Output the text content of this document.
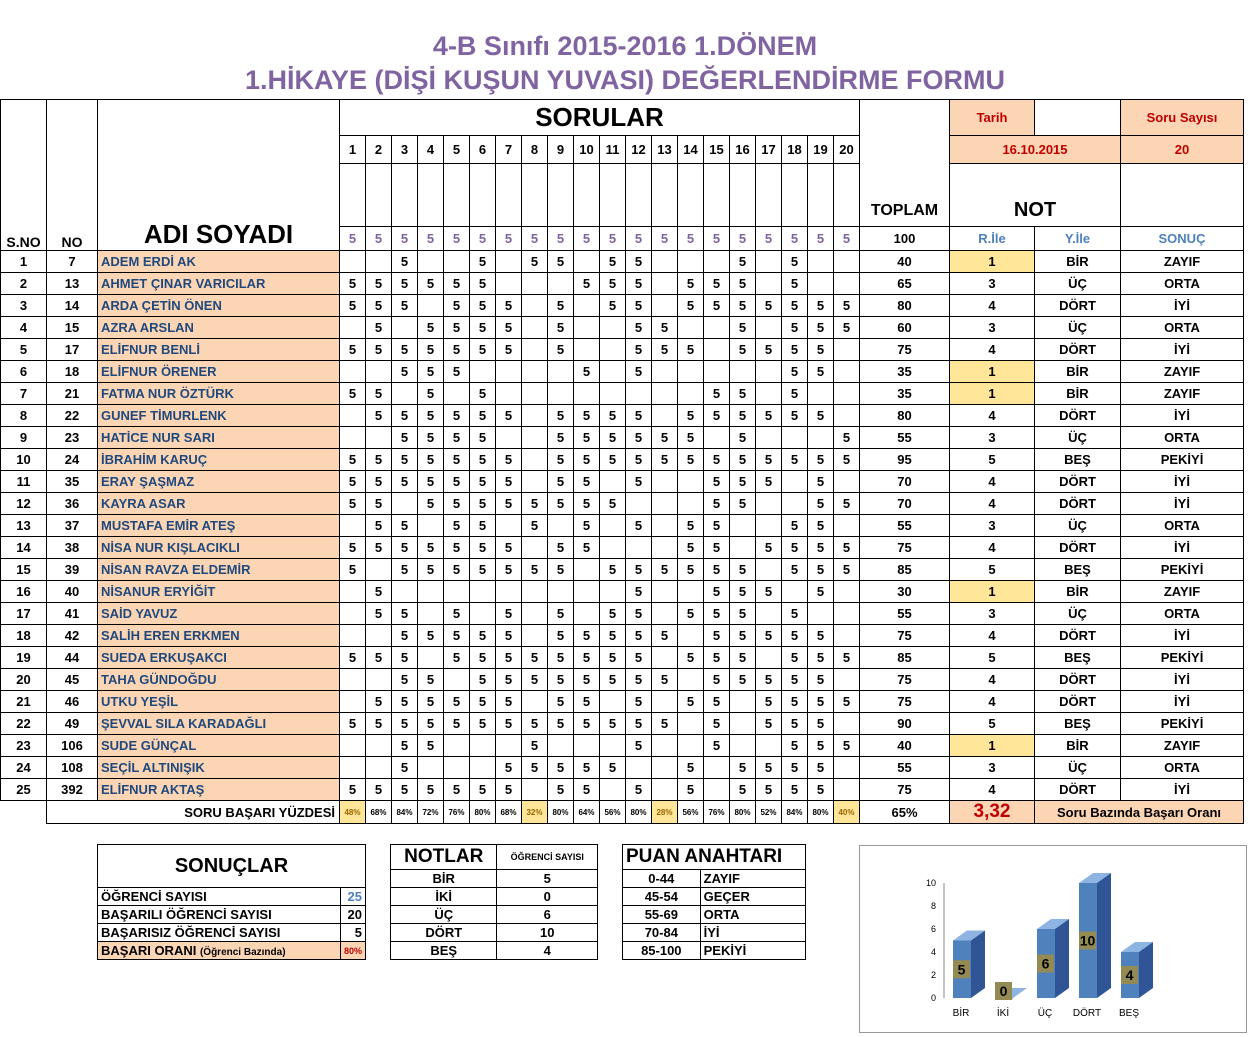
4-B Sınıfı 2015-2016 1.DÖNEM
1.HİKAYE (DİŞİ KUŞUN YUVASI) DEĞERLENDİRME FORMU
S.NO	NO	ADI SOYADI	SORULAR																				TOPLAM	Tarih		Soru Sayısı
			1	2	3	4	5	6	7	8	9	10	11	12	13	14	15	16	17	18	19	20		16.10.2015		20
																								NOT		
			5	5	5	5	5	5	5	5	5	5	5	5	5	5	5	5	5	5	5	5	100	R.İle	Y.İle	SONUÇ
1	7	ADEM ERDİ AK			5			5		5	5		5	5				5		5			40	1	BİR	ZAYIF
2	13	AHMET ÇINAR VARICILAR	5	5	5	5	5	5				5	5	5		5	5	5		5			65	3	ÜÇ	ORTA
3	14	ARDA ÇETİN ÖNEN	5	5	5		5	5	5		5		5	5		5	5	5	5	5	5	5	80	4	DÖRT	İYİ
4	15	AZRA ARSLAN		5		5	5	5	5		5			5	5			5		5	5	5	60	3	ÜÇ	ORTA
5	17	ELİFNUR BENLİ	5	5	5	5	5	5	5		5			5	5	5		5	5	5	5		75	4	DÖRT	İYİ
6	18	ELİFNUR ÖRENER			5	5	5					5		5						5	5		35	1	BİR	ZAYIF
7	21	FATMA NUR ÖZTÜRK	5	5		5		5									5	5		5			35	1	BİR	ZAYIF
8	22	GUNEF TİMURLENK		5	5	5	5	5	5		5	5	5	5		5	5	5	5	5	5		80	4	DÖRT	İYİ
9	23	HATİCE NUR SARI			5	5	5	5			5	5	5	5	5	5		5				5	55	3	ÜÇ	ORTA
10	24	İBRAHİM KARUÇ	5	5	5	5	5	5	5		5	5	5	5	5	5	5	5	5	5	5	5	95	5	BEŞ	PEKİYİ
11	35	ERAY ŞAŞMAZ	5	5	5	5	5	5	5		5	5		5			5	5	5		5		70	4	DÖRT	İYİ
12	36	KAYRA ASAR	5	5		5	5	5	5	5	5	5	5				5	5			5	5	70	4	DÖRT	İYİ
13	37	MUSTAFA EMİR ATEŞ		5	5		5	5		5		5		5		5	5			5	5		55	3	ÜÇ	ORTA
14	38	NİSA NUR KIŞLACIKLI	5	5	5	5	5	5	5		5	5				5	5		5	5	5	5	75	4	DÖRT	İYİ
15	39	NİSAN RAVZA ELDEMİR	5		5	5	5	5	5	5	5		5	5	5	5	5	5		5	5	5	85	5	BEŞ	PEKİYİ
16	40	NİSANUR ERYİĞİT		5										5			5	5	5		5		30	1	BİR	ZAYIF
17	41	SAİD YAVUZ		5	5		5		5		5		5	5		5	5	5		5			55	3	ÜÇ	ORTA
18	42	SALİH EREN ERKMEN			5	5	5	5	5		5	5	5	5	5		5	5	5	5	5		75	4	DÖRT	İYİ
19	44	SUEDA ERKUŞAKCI	5	5	5		5	5	5	5	5	5	5	5		5	5	5		5	5	5	85	5	BEŞ	PEKİYİ
20	45	TAHA GÜNDOĞDU			5	5		5	5	5	5	5	5	5	5		5	5	5	5	5		75	4	DÖRT	İYİ
21	46	UTKU YEŞİL		5	5	5	5	5	5		5	5		5		5	5		5	5	5	5	75	4	DÖRT	İYİ
22	49	ŞEVVAL SILA KARADAĞLI	5	5	5	5	5	5	5	5	5	5	5	5	5		5		5	5	5		90	5	BEŞ	PEKİYİ
23	106	SUDE GÜNÇAL			5	5				5				5			5			5	5	5	40	1	BİR	ZAYIF
24	108	SEÇİL ALTINIŞIK			5				5	5	5	5	5			5		5	5	5	5		55	3	ÜÇ	ORTA
25	392	ELİFNUR AKTAŞ	5	5	5	5	5	5	5		5	5		5		5		5	5	5	5		75	4	DÖRT	İYİ
	SORU BAŞARI YÜZDESİ		48%	68%	84%	72%	76%	80%	68%	32%	80%	64%	56%	80%	28%	56%	76%	80%	52%	84%	80%	40%	65%	3,32	Soru Bazında Başarı Oranı	
SONUÇLAR	
ÖĞRENCİ SAYISI	25
BAŞARILI ÖĞRENCİ SAYISI	20
BAŞARISIZ ÖĞRENCİ SAYISI	5
BAŞARI ORANI (Öğrenci Bazında)	80%
NOTLAR	ÖĞRENCİ SAYISI
BİR	5
İKİ	0
ÜÇ	6
DÖRT	10
BEŞ	4
PUAN ANAHTARI	
0-44	ZAYIF
45-54	GEÇER
55-69	ORTA
70-84	İYİ
85-100	PEKİYİ
0
2
4
6
8
10
5
BİR
0
İKİ
6
ÜÇ
10
DÖRT
4
BEŞ
